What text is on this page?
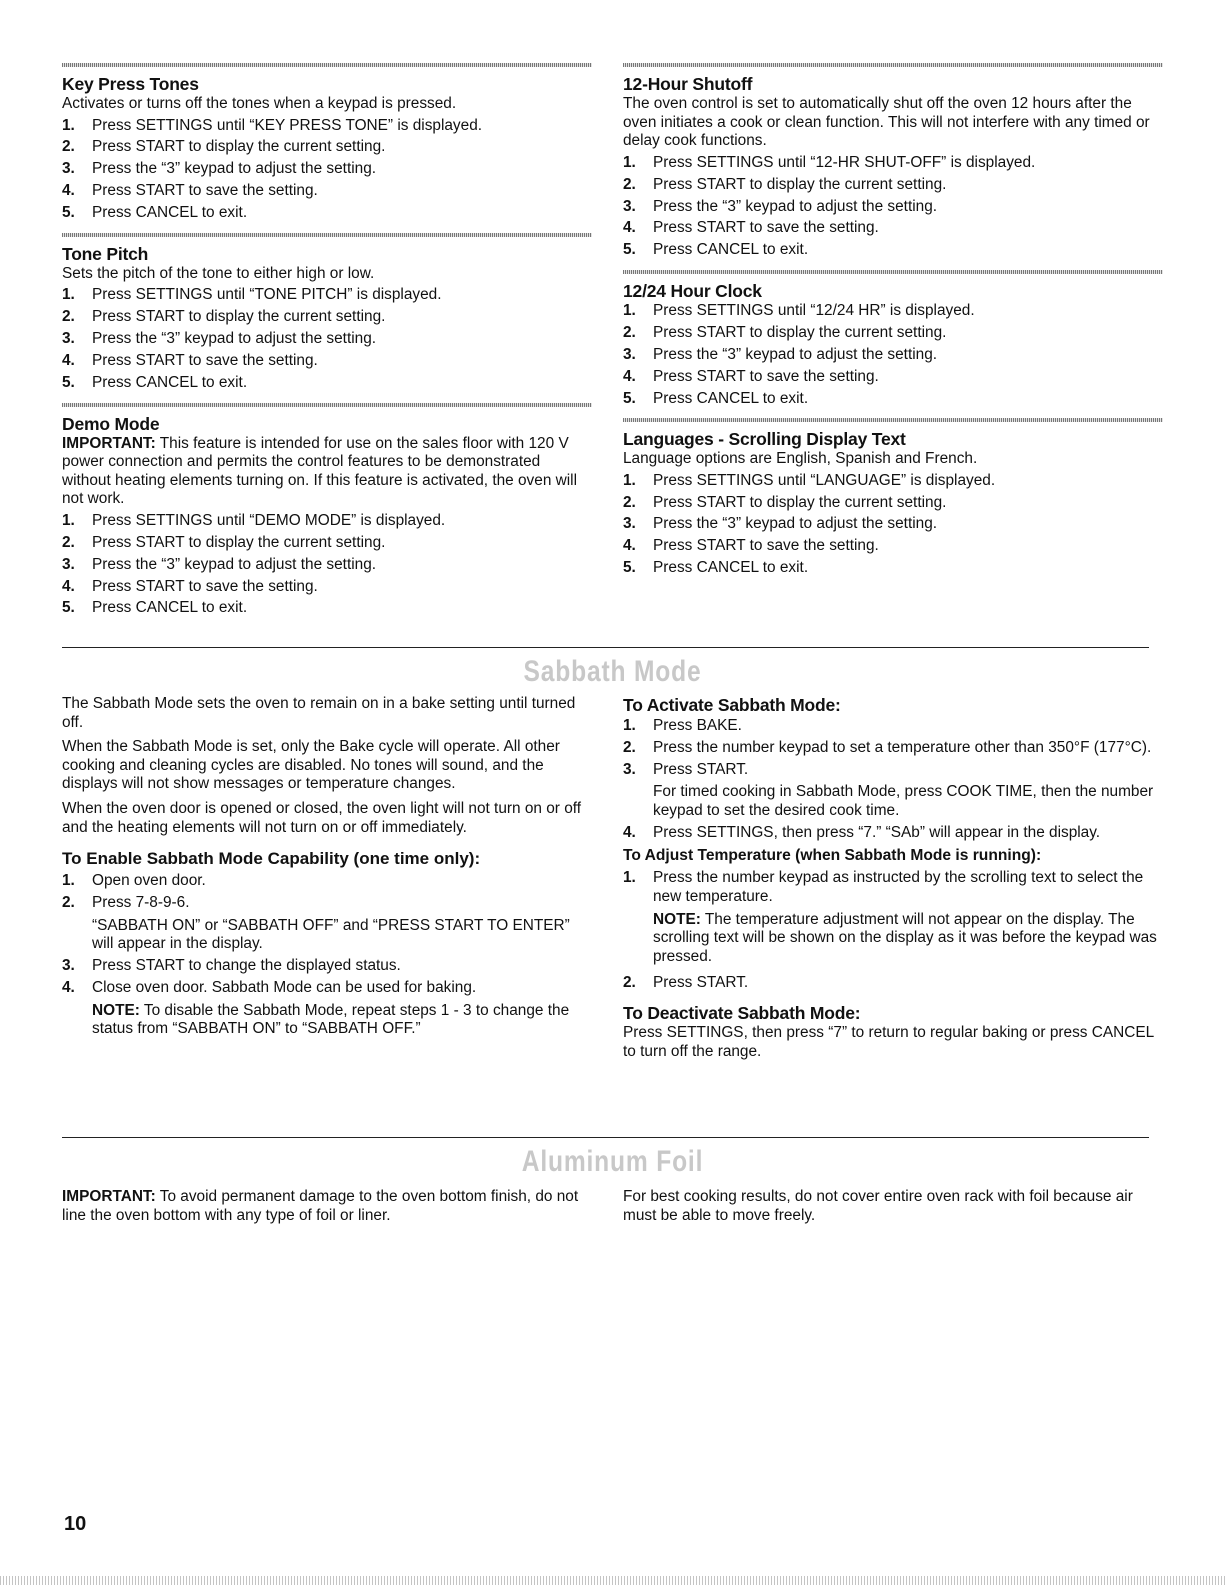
Key Press Tones

Activates or turns off the tones when a keypad is pressed.

1. Press SETTINGS until “KEY PRESS TONE” is displayed.
2. Press START to display the current setting.
3. Press the “3” keypad to adjust the setting.
4. Press START to save the setting.
5. Press CANCEL to exit.
Tone Pitch

Sets the pitch of the tone to either high or low.

1. Press SETTINGS until “TONE PITCH” is displayed.
2. Press START to display the current setting.
3. Press the “3” keypad to adjust the setting.
4. Press START to save the setting.
5. Press CANCEL to exit.
Demo Mode

IMPORTANT: This feature is intended for use on the sales floor with 120 V power connection and permits the control features to be demonstrated without heating elements turning on. If this feature is activated, the oven will not work.

1. Press SETTINGS until “DEMO MODE” is displayed.
2. Press START to display the current setting.
3. Press the “3” keypad to adjust the setting.
4. Press START to save the setting.
5. Press CANCEL to exit.
12-Hour Shutoff

The oven control is set to automatically shut off the oven 12 hours after the oven initiates a cook or clean function. This will not interfere with any timed or delay cook functions.

1. Press SETTINGS until “12-HR SHUT-OFF” is displayed.
2. Press START to display the current setting.
3. Press the “3” keypad to adjust the setting.
4. Press START to save the setting.
5. Press CANCEL to exit.
12/24 Hour Clock
1. Press SETTINGS until “12/24 HR” is displayed.
2. Press START to display the current setting.
3. Press the “3” keypad to adjust the setting.
4. Press START to save the setting.
5. Press CANCEL to exit.
Languages - Scrolling Display Text

Language options are English, Spanish and French.

1. Press SETTINGS until “LANGUAGE” is displayed.
2. Press START to display the current setting.
3. Press the “3” keypad to adjust the setting.
4. Press START to save the setting.
5. Press CANCEL to exit.
Sabbath Mode

The Sabbath Mode sets the oven to remain on in a bake setting until turned off.

When the Sabbath Mode is set, only the Bake cycle will operate. All other cooking and cleaning cycles are disabled. No tones will sound, and the displays will not show messages or temperature changes.

When the oven door is opened or closed, the oven light will not turn on or off and the heating elements will not turn on or off immediately.

To Enable Sabbath Mode Capability (one time only):
1. Open oven door.
2. Press 7-8-9-6.
“SABBATH ON” or “SABBATH OFF” and “PRESS START TO ENTER” will appear in the display.
3. Press START to change the displayed status.
4. Close oven door. Sabbath Mode can be used for baking.
NOTE: To disable the Sabbath Mode, repeat steps 1 - 3 to change the status from “SABBATH ON” to “SABBATH OFF.”
To Activate Sabbath Mode:
1. Press BAKE.
2. Press the number keypad to set a temperature other than 350°F (177°C).
3. Press START.
For timed cooking in Sabbath Mode, press COOK TIME, then the number keypad to set the desired cook time.
4. Press SETTINGS, then press “7.” “SAb” will appear in the display.
To Adjust Temperature (when Sabbath Mode is running):
1. Press the number keypad as instructed by the scrolling text to select the new temperature.
NOTE: The temperature adjustment will not appear on the display. The scrolling text will be shown on the display as it was before the keypad was pressed.
2. Press START.
To Deactivate Sabbath Mode:

Press SETTINGS, then press “7” to return to regular baking or press CANCEL to turn off the range.

Aluminum Foil

IMPORTANT: To avoid permanent damage to the oven bottom finish, do not line the oven bottom with any type of foil or liner.

For best cooking results, do not cover entire oven rack with foil because air must be able to move freely.

10
